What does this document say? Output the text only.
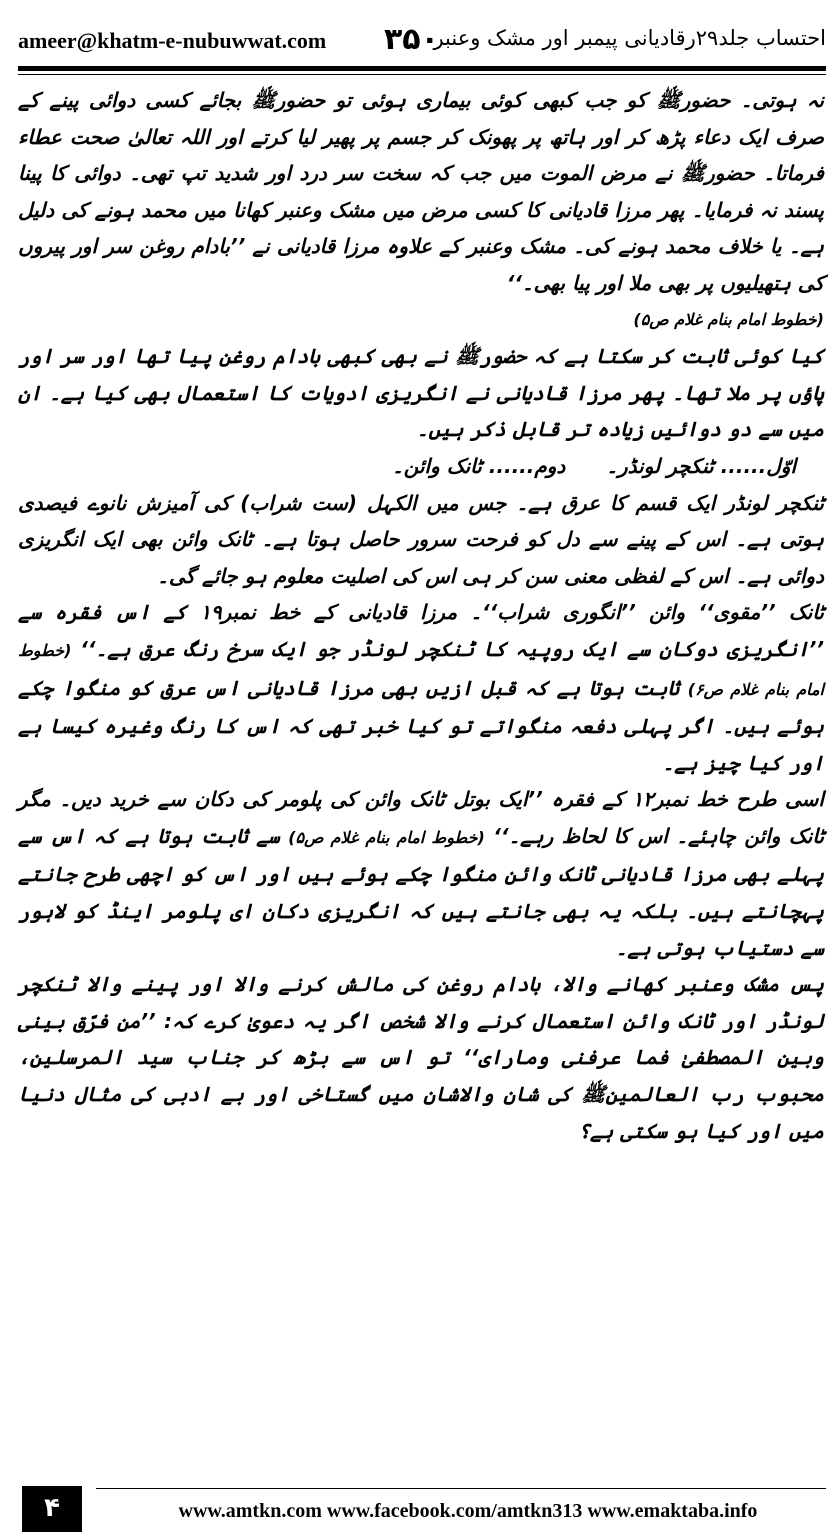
ameer@khatm-e-nubuwwat.com ۳۵۰
احتساب جلد۲۹رقادیانی پیمبر اور مشک وعنبر

نہ ہوتی۔ حضورﷺ کو جب کبھی کوئی بیماری ہوئی تو حضورﷺ بجائے کسی دوائی پینے کے صرف ایک دعاء پڑھ کر اور ہاتھ پر پھونک کر جسم پر پھیر لیا کرتے اور اللہ تعالیٰ صحت عطاء فرماتا۔ حضورﷺ نے مرض الموت میں جب کہ سخت سر درد اور شدید تپ تھی۔ دوائی کا پینا پسند نہ فرمایا۔ پھر مرزا قادیانی کا کسی مرض میں مشک وعنبر کھانا میں محمد ہونے کی دلیل ہے۔ یا خلاف محمد ہونے کی۔ مشک وعنبر کے علاوہ مرزا قادیانی نے ’’بادام روغن سر اور پیروں کی ہتھیلیوں پر بھی ملا اور پیا بھی۔‘‘

(خطوط امام بنام غلام ص۵)

کیا کوئی ثابت کر سکتا ہے کہ حضورﷺ نے بھی کبھی بادام روغن پیا تھا اور سر اور پاؤں پر ملا تھا۔ پھر مرزا قادیانی نے انگریزی ادویات کا استعمال بھی کیا ہے۔ ان میں سے دو دوائیں زیادہ تر قابل ذکر ہیں۔

اوّل...... ٹنکچر لونڈر۔ دوم...... ٹانک وائن۔

ٹنکچر لونڈر ایک قسم کا عرق ہے۔ جس میں الکہل (ست شراب) کی آمیزش نانوے فیصدی ہوتی ہے۔ اس کے پینے سے دل کو فرحت سرور حاصل ہوتا ہے۔ ٹانک وائن بھی ایک انگریزی دوائی ہے۔ اس کے لفظی معنی سن کر ہی اس کی اصلیت معلوم ہو جائے گی۔

ٹانک ’’مقوی‘‘ وائن ’’انگوری شراب‘‘۔ مرزا قادیانی کے خط نمبر۱۹ کے اس فقرہ سے ’’انگریزی دوکان سے ایک روپیہ کا ٹنکچر لونڈر جو ایک سرخ رنگ عرق ہے۔‘‘ (خطوط امام بنام غلام ص۶) ثابت ہوتا ہے کہ قبل ازیں بھی مرزا قادیانی اس عرق کو منگوا چکے ہوئے ہیں۔ اگر پہلی دفعہ منگواتے تو کیا خبر تھی کہ اس کا رنگ وغیرہ کیسا ہے اور کیا چیز ہے۔

اسی طرح خط نمبر۱۲ کے فقرہ ’’ایک بوتل ٹانک وائن کی پلومر کی دکان سے خرید دیں۔ مگر ٹانک وائن چاہئے۔ اس کا لحاظ رہے۔‘‘ (خطوط امام بنام غلام ص۵) سے ثابت ہوتا ہے کہ اس سے پہلے بھی مرزا قادیانی ٹانک وائن منگوا چکے ہوئے ہیں اور اس کو اچھی طرح جانتے پہچانتے ہیں۔ بلکہ یہ بھی جانتے ہیں کہ انگریزی دکان ای پلومر اینڈ کو لاہور سے دستیاب ہوتی ہے۔

پس مشک وعنبر کھانے والا، بادام روغن کی مالش کرنے والا اور پینے والا ٹنکچر لونڈر اور ٹانک وائن استعمال کرنے والا شخص اگر یہ دعویٰ کرے کہ: ’’من فرّق بینی وبین المصطفیٰ فما عرفنی ومارای‘‘ تو اس سے بڑھ کر جناب سید المرسلین، محبوب رب العالمینﷺ کی شان والاشان میں گستاخی اور بے ادبی کی مثال دنیا میں اور کیا ہو سکتی ہے؟

۴	www.amtkn.com www.facebook.com/amtkn313 www.emaktaba.info
